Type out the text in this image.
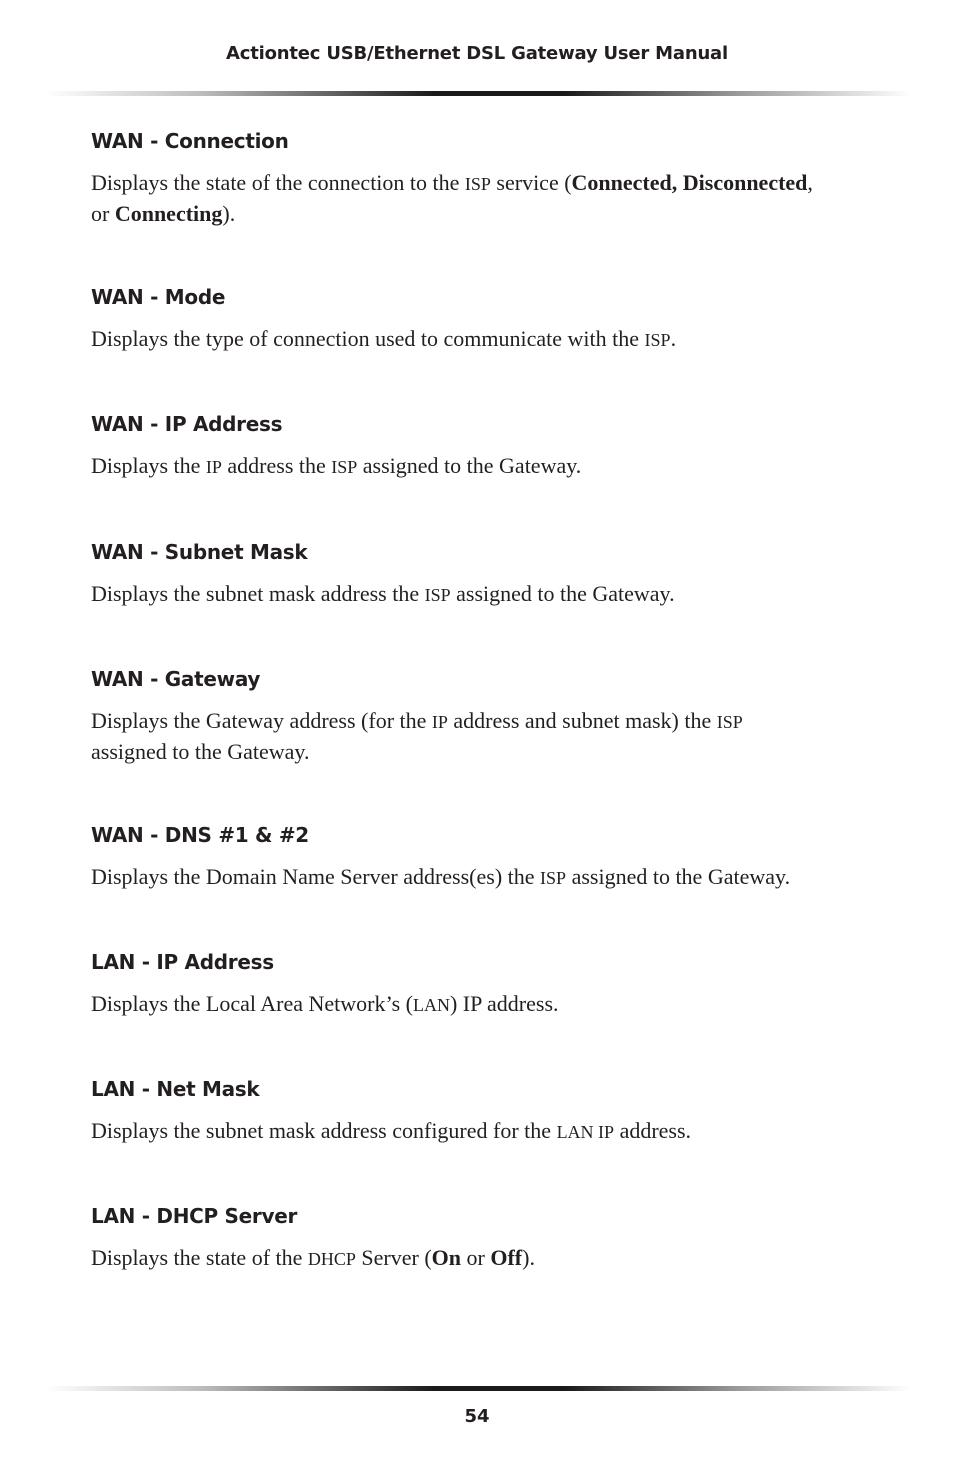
Actiontec USB/Ethernet DSL Gateway User Manual
WAN - Connection

Displays the state of the connection to the ISP service (Connected, Disconnected,
or Connecting).

WAN - Mode

Displays the type of connection used to communicate with the ISP.

WAN - IP Address

Displays the IP address the ISP assigned to the Gateway.

WAN - Subnet Mask

Displays the subnet mask address the ISP assigned to the Gateway.

WAN - Gateway

Displays the Gateway address (for the IP address and subnet mask) the ISP
assigned to the Gateway.

WAN - DNS #1 & #2

Displays the Domain Name Server address(es) the ISP assigned to the Gateway.

LAN - IP Address

Displays the Local Area Network’s (LAN) IP address.

LAN - Net Mask

Displays the subnet mask address configured for the LAN IP address.

LAN - DHCP Server

Displays the state of the DHCP Server (On or Off).

54
